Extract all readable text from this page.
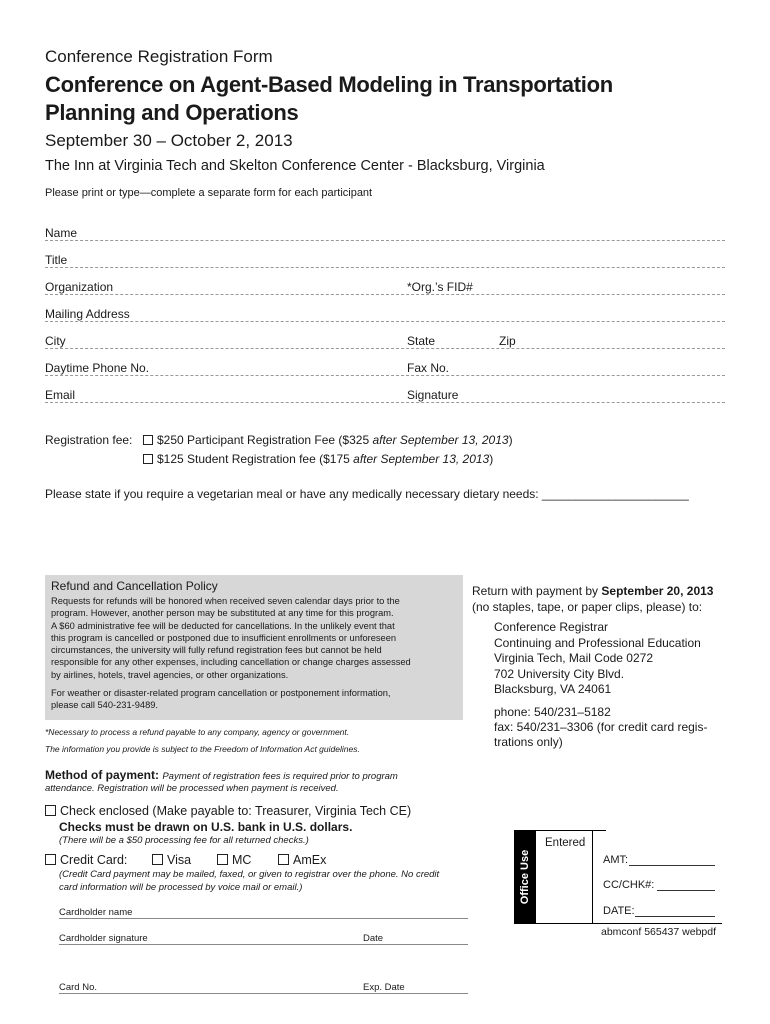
Conference Registration Form
Conference on Agent-Based Modeling in Transportation
Planning and Operations
September 30 – October 2, 2013
The Inn at Virginia Tech and Skelton Conference Center - Blacksburg, Virginia
Please print or type—complete a separate form for each participant
Name
Title
Organization	*Org.’s FID#
Mailing Address
City	State	Zip
Daytime Phone No.	Fax No.
Email	Signature
Registration fee:	$250 Participant Registration Fee ($325 after September 13, 2013)
$125 Student Registration fee ($175 after September 13, 2013)
Please state if you require a vegetarian meal or have any medically necessary dietary needs: ______________________
Refund and Cancellation Policy
Requests for refunds will be honored when received seven calendar days prior to the
program. However, another person may be substituted at any time for this program.
A $60 administrative fee will be deducted for cancellations. In the unlikely event that
this program is cancelled or postponed due to insufficient enrollments or unforeseen
circumstances, the university will fully refund registration fees but cannot be held
responsible for any other expenses, including cancellation or change charges assessed
by airlines, hotels, travel agencies, or other organizations.
For weather or disaster-related program cancellation or postponement information,
please call 540-231-9489.
*Necessary to process a refund payable to any company, agency or government.
The information you provide is subject to the Freedom of Information Act guidelines.
Return with payment by September 20, 2013
(no staples, tape, or paper clips, please) to:
Conference Registrar
Continuing and Professional Education
Virginia Tech, Mail Code 0272
702 University City Blvd.
Blacksburg, VA 24061
phone: 540/231–5182
fax: 540/231–3306 (for credit card regis-
trations only)
Method of payment: Payment of registration fees is required prior to program
attendance. Registration will be processed when payment is received.
Check enclosed (Make payable to: Treasurer, Virginia Tech CE)
Checks must be drawn on U.S. bank in U.S. dollars.
(There will be a $50 processing fee for all returned checks.)
Credit Card:	Visa	MC	AmEx
(Credit Card payment may be mailed, faxed, or given to registrar over the phone. No credit
card information will be processed by voice mail or email.)
Cardholder name
Cardholder signature	Date
Card No.	Exp. Date
Office Use
Entered
AMT:
CC/CHK#:
DATE:
abmconf 565437 webpdf
